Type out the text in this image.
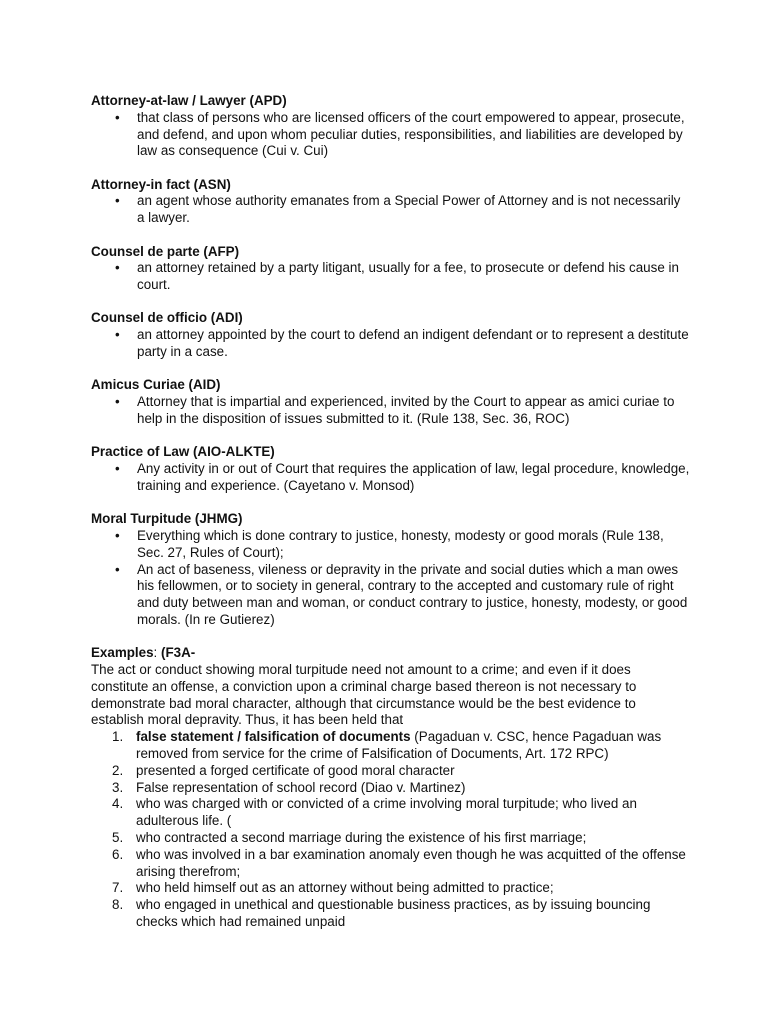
Attorney-at-law / Lawyer (APD)

• that class of persons who are licensed officers of the court empowered to appear, prosecute, and defend, and upon whom peculiar duties, responsibilities, and liabilities are developed by law as consequence (Cui v. Cui)

Attorney-in fact (ASN)

• an agent whose authority emanates from a Special Power of Attorney and is not necessarily a lawyer.

Counsel de parte (AFP)

• an attorney retained by a party litigant, usually for a fee, to prosecute or defend his cause in court.

Counsel de officio (ADI)

• an attorney appointed by the court to defend an indigent defendant or to represent a destitute party in a case.

Amicus Curiae (AID)

• Attorney that is impartial and experienced, invited by the Court to appear as amici curiae to help in the disposition of issues submitted to it. (Rule 138, Sec. 36, ROC)

Practice of Law (AIO-ALKTE)

• Any activity in or out of Court that requires the application of law, legal procedure, knowledge, training and experience. (Cayetano v. Monsod)

Moral Turpitude (JHMG)

• Everything which is done contrary to justice, honesty, modesty or good morals (Rule 138, Sec. 27, Rules of Court);
• An act of baseness, vileness or depravity in the private and social duties which a man owes his fellowmen, or to society in general, contrary to the accepted and customary rule of right and duty between man and woman, or conduct contrary to justice, honesty, modesty, or good morals. (In re Gutierez)

Examples: (F3A-

The act or conduct showing moral turpitude need not amount to a crime; and even if it does constitute an offense, a conviction upon a criminal charge based thereon is not necessary to demonstrate bad moral character, although that circumstance would be the best evidence to establish moral depravity. Thus, it has been held that

1. false statement / falsification of documents (Pagaduan v. CSC, hence Pagaduan was removed from service for the crime of Falsification of Documents, Art. 172 RPC)
2. presented a forged certificate of good moral character
3. False representation of school record (Diao v. Martinez)
4. who was charged with or convicted of a crime involving moral turpitude; who lived an adulterous life. (
5. who contracted a second marriage during the existence of his first marriage;
6. who was involved in a bar examination anomaly even though he was acquitted of the offense arising therefrom;
7. who held himself out as an attorney without being admitted to practice;
8. who engaged in unethical and questionable business practices, as by issuing bouncing checks which had remained unpaid
